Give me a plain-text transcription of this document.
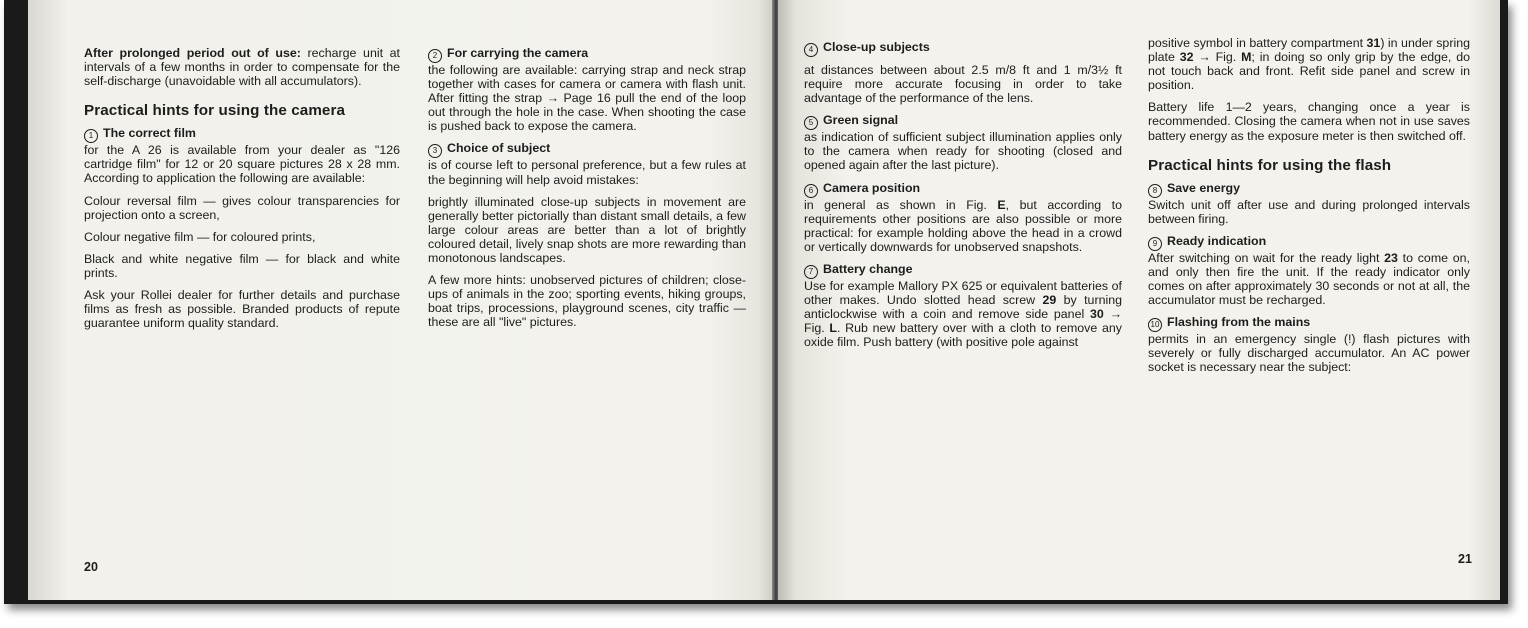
After prolonged period out of use: recharge unit at intervals of a few months in order to compensate for the self-discharge (unavoidable with all accumulators).

Practical hints for using the camera

1 The correct film

for the A 26 is available from your dealer as "126 cartridge film" for 12 or 20 square pictures 28 x 28 mm. According to application the following are available:

Colour reversal film — gives colour transparencies for projection onto a screen,

Colour negative film — for coloured prints,

Black and white negative film — for black and white prints.

Ask your Rollei dealer for further details and purchase films as fresh as possible. Branded products of repute guarantee uniform quality standard.

2 For carrying the camera

the following are available: carrying strap and neck strap together with cases for camera or camera with flash unit. After fitting the strap → Page 16 pull the end of the loop out through the hole in the case. When shooting the case is pushed back to expose the camera.

3 Choice of subject

is of course left to personal preference, but a few rules at the beginning will help avoid mistakes:

brightly illuminated close-up subjects in movement are generally better pictorially than distant small details, a few large colour areas are better than a lot of brightly coloured detail, lively snap shots are more rewarding than monotonous landscapes.

A few more hints: unobserved pictures of children; close-ups of animals in the zoo; sporting events, hiking groups, boat trips, processions, playground scenes, city traffic — these are all "live" pictures.

20

4 Close-up subjects

at distances between about 2.5 m/8 ft and 1 m/3½ ft require more accurate focusing in order to take advantage of the performance of the lens.

5 Green signal

as indication of sufficient subject illumination applies only to the camera when ready for shooting (closed and opened again after the last picture).

6 Camera position

in general as shown in Fig. E, but according to requirements other positions are also possible or more practical: for example holding above the head in a crowd or vertically downwards for unobserved snapshots.

7 Battery change

Use for example Mallory PX 625 or equivalent batteries of other makes. Undo slotted head screw 29 by turning anticlockwise with a coin and remove side panel 30 → Fig. L. Rub new battery over with a cloth to remove any oxide film. Push battery (with positive pole against

positive symbol in battery compartment 31) in under spring plate 32 → Fig. M; in doing so only grip by the edge, do not touch back and front. Refit side panel and screw in position.

Battery life 1—2 years, changing once a year is recommended. Closing the camera when not in use saves battery energy as the exposure meter is then switched off.

Practical hints for using the flash

8 Save energy

Switch unit off after use and during prolonged intervals between firing.

9 Ready indication

After switching on wait for the ready light 23 to come on, and only then fire the unit. If the ready indicator only comes on after approximately 30 seconds or not at all, the accumulator must be recharged.

10 Flashing from the mains

permits in an emergency single (!) flash pictures with severely or fully discharged accumulator. An AC power socket is necessary near the subject:

21
